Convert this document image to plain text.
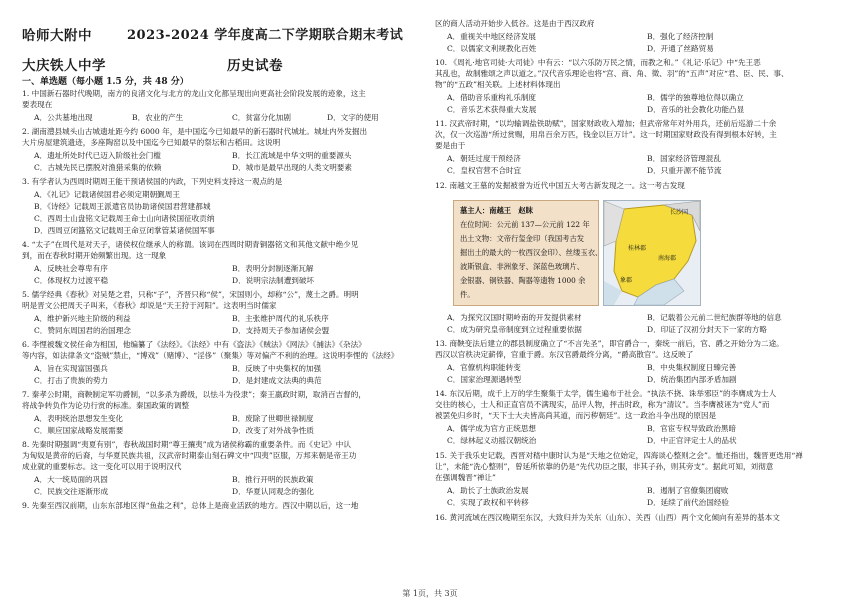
哈师大附中	2023-2024 学年度高二下学期联合期末考试
大庆铁人中学	历史试卷
一、单选题（每小题 1.5 分，共 48 分）
1. 中国新石器时代晚期，南方的良渚文化与北方的龙山文化都呈现出向更高社会阶段发展的迹象，这主
要表现在
A．公共墓地出现	B．农业的产生	C．贫富分化加剧	D．文字的使用
2. 湖南澧县城头山古城遗址距今约 6000 年，是中国迄今已知最早的新石器时代城址。城址内外发掘出
大片房屋建筑遗迹，多座陶窑以及中国迄今已知最早的祭坛和古稻田。这说明
A．遗址所处时代已迈入阶级社会门槛	B．长江流域是中华文明的重要源头
C．古城先民已摆脱对渔猎采集的依赖	D．城市是最早出现的人类文明要素
3. 有学者认为西周时期周王能干预诸侯国的内政，下列史料支持这一观点的是
A．《礼记》记载诸侯国君必须定期朝觐周王
B．《诗经》记载周王派遣官员协助诸侯国君营建都城
C．西周士山盘铭文记载周王命士山向诸侯国征收贡纳
D．西周豆闭簋铭文记载周王命豆闭掌管某诸侯国军事
4. “太子”在周代是对天子，诸侯权位继承人的称谓。该词在西周时期青铜器铭文和其他文献中绝少见
到，而在春秋时期开始频繁出现。这一现象
A．反映社会尊卑有序	B．表明分封制逐渐瓦解
C．体现权力过渡平稳	D．说明宗法制遭到破坏
5. 儒学经典《春秋》对吴楚之君，只称“子”，齐晋只称“侯”，宋国则小，却称“公”，蔑土之爵。明明
明是晋文公把周天子叫来，《春秋》却说是“天王狩于河阳”。这表明当时儒家
A．维护新兴地主阶级的利益	B．主张维护周代的礼乐秩序
C．赞同东周国君的治国理念	D．支持周天子参加诸侯会盟
6. 李悝被魏文侯任命为相国，他编纂了《法经》。《法经》中有《盗法》《贼法》《网法》《捕法》《杂法》
等内容，如法律条文“盗贼”禁止，“博戏”（赌博）、“淫侈”（聚集）等对偏产不利的治理。这说明李悝的《法经》
A．旨在实现富国强兵	B．反映了中央集权的加强
C．打击了贵族的势力	D．是封建成文法典的典范
7. 秦孝公时期，商鞅制定军功爵制，“以多杀为爵级，以怯斗为役隶”；秦王嬴政时期，取消百吉督的，
将战争转负作为论功行赏的标准。秦国政策的调整
A．表明统治思想发生变化	B．废除了世卿世禄制度
C．顺应国家战略发展需要	D．改变了对外战争性质
8. 先秦时期强调“夷夏有别”，春秋战国时期“尊王攘夷”成为诸侯称霸的重要条件。而《史记》中认
为匈奴是黄帝的后裔，与华夏民族共祖，汉武帝时期泰山刻石碑文中“四夷”臣服，万邦来朝是帝王功
成业就的重要标志。这一变化可以用于说明汉代
A．大一统局面的巩固	B．推行开明的民族政策
C．民族交往逐渐形成	D．华夏认同观念的强化
9. 先秦至西汉前期，山东东部地区得“鱼盐之利”，总体上是商业活跃的地方。西汉中期以后，这一地
区的商人活动开始步入低谷。这是由于西汉政府
A．重视关中地区经济发展	B．强化了经济控制
C．以儒家文利规教化百姓	D．开通了丝路贸易
10. 《周礼·地官司徒·大司徒》中有云：“以六乐防万民之情，而教之和。”《礼记·乐记》中“先王恶
其乱也，故制雅颂之声以道之。”汉代音乐理论也将“宫、商、角、徵、羽”的“五声”对应“君、臣、民、事、
物”的“五政”相关联。上述材料体现出
A．借助音乐重构礼乐制度	B．儒学的独尊地位得以确立
C．音乐艺术获得重大发展	D．音乐的社会教化功能凸显
11. 汉武帝时期，“以均输调盐铁助赋”，国家财政收入增加；但武帝常年对外用兵，还前后巡游二十余
次，仅一次巡游“所过赏赐，用帛百余万匹，钱金以巨万计”。这一时期国家财政没有得到根本好转，主
要是由于
A．朝廷过度干预经济	B．国家经济管理混乱
C．皇权官营不合时宜	D．只重开源不能节流
12. 南越文王墓的发掘被誉为近代中国五大考古新发现之一。这一考古发现
墓主人：南越王　赵眜
在位时间：公元前 137—公元前 122 年
出土文物：文帝行玺金印（我国考古发
掘出土的最大的一枚西汉金印）、丝缕玉衣、
波斯银盒、非洲象牙、深蓝色玻璃片、
金银器、铜铁器、陶器等遗物 1000 余
件。
长沙国
桂林郡
南海郡
象郡
A．为探究汉国时期岭南的开发提供素材	B．记载着公元前二世纪族群等地的信息
C．成为研究皇帝制度到立过程重要依据	D．印证了汉初分封天下一家的方略
13. 商鞅变法后建立的郡县制度确立了“不言先圣”，即官爵合一，秦统一前后，官、爵之开始分为二途。
西汉以官秩决定薪俸，官重于爵。东汉官爵最终分离，“爵高散官”。这反映了
A．官僚机构职能转变	B．中央集权制度日臻完善
C．国家治理源遇转型	D．统治集团内部矛盾加剧
14. 东汉后期，成千上万的学生聚集于太学，儒生遍布于社会。“执法不挠、诛举邪臣”的李膺成为士人
交往的核心，士人和正直官员不满现实，品评人物，抨击时政，称为“清议”。当李膺被诬为“党人”而
被罢免归乡时，“天下士大夫皆高尚其道，而污秽朝廷”。这一政治斗争出现的原因是
A．儒学成为官方正统思想	B．官宦专权导致政治黑暗
C．绿林起义动摇汉朝统治	D．中正官评定士人的品状
15. 关于我乐史记载，西晋对嵇中康时认为是“天地之位始定，四海谈心整则之会”。恤还指出，魏晋更迭用“禅
让”，未能“洗心整则”，曾延所依靠的仍是“先代功臣之服，非其子孙，则其旁支”。据此可知，刘彻意
在强调魏晋“禅让”
A．助长了士族政治发展	B．遏制了官僚集团腐败
C．实现了政权和平转移	D．延续了前代治国经验
16. 黄河流域在西汉晚期至东汉，大致归并为关东（山东）、关西（山西）两个文化倾向有差异的基本文
第 1页，共 3页
